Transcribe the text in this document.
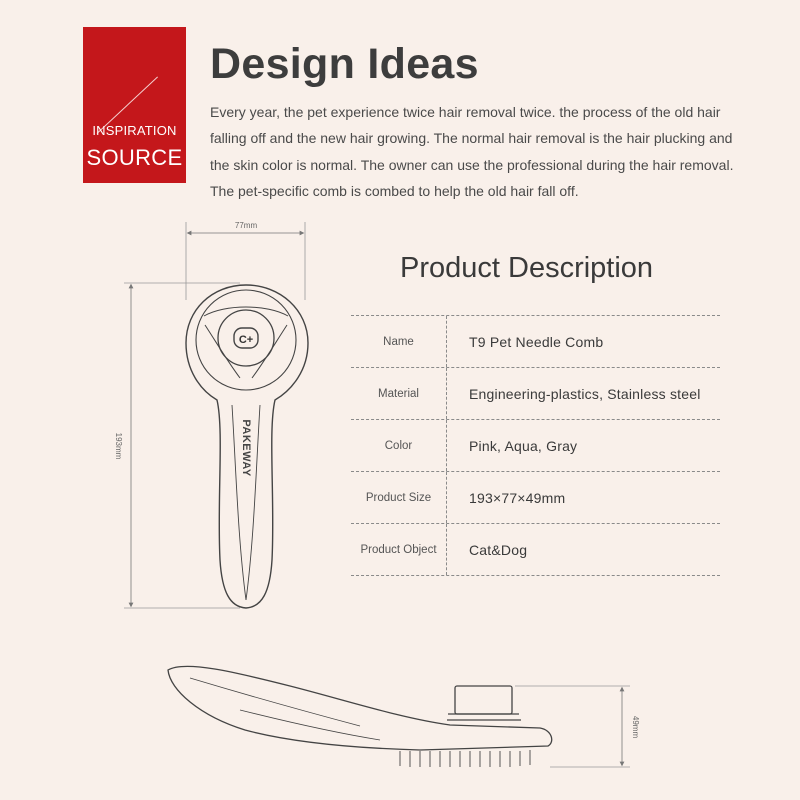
INSPIRATION
SOURCE
Design Ideas

Every year, the pet experience twice hair removal twice. the process of the old hair falling off and the new hair growing. The normal hair removal is the hair plucking and the skin color is normal. The owner can use the professional during the hair removal. The pet-specific comb is combed to help the old hair fall off.

77mm
193mm
C+
PAKEWAY
49mm
Product Description
Name	T9 Pet Needle Comb
Material	Engineering-plastics, Stainless steel
Color	Pink, Aqua, Gray
Product Size	193×77×49mm
Product Object	Cat&Dog
